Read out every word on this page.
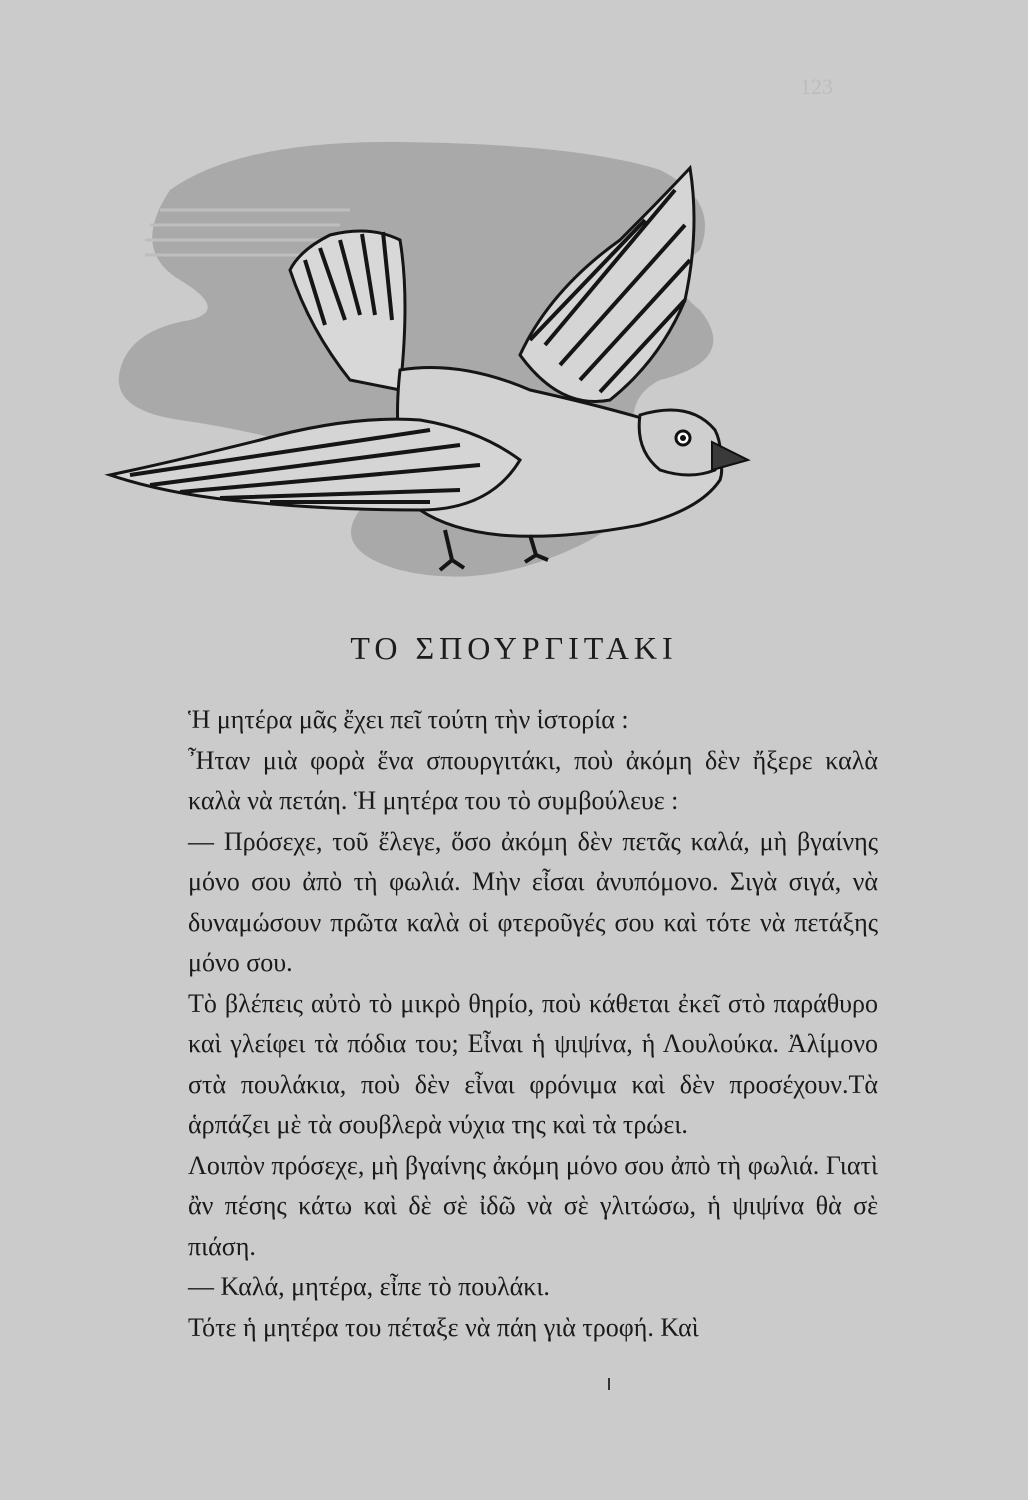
123
ΤΟ ΣΠΟΥΡΓΙΤΑΚΙ

Ἡ μητέρα μᾶς ἔχει πεῖ τούτη τὴν ἱστορία :

Ἦταν μιὰ φορὰ ἕνα σπουργιτάκι, ποὺ ἀκόμη δὲν ἤξερε καλὰ καλὰ νὰ πετάη. Ἡ μητέρα του τὸ συμβούλευε :

— Πρόσεχε, τοῦ ἔλεγε, ὅσο ἀκόμη δὲν πετᾶς καλά, μὴ βγαίνης μόνο σου ἀπὸ τὴ φωλιά. Μὴν εἶσαι ἀνυπόμονο. Σιγὰ σιγά, νὰ δυναμώσουν πρῶτα καλὰ οἱ φτεροῦγές σου καὶ τότε νὰ πετάξης μόνο σου.

Τὸ βλέπεις αὐτὸ τὸ μικρὸ θηρίο, ποὺ κάθεται ἐκεῖ στὸ παράθυρο καὶ γλείφει τὰ πόδια του; Εἶναι ἡ ψιψίνα, ἡ Λουλούκα. Ἀλίμονο στὰ πουλάκια, ποὺ δὲν εἶναι φρόνιμα καὶ δὲν προσέχουν.Τὰ ἁρπάζει μὲ τὰ σουβλερὰ νύχια της καὶ τὰ τρώει.

Λοιπὸν πρόσεχε, μὴ βγαίνης ἀκόμη μόνο σου ἀπὸ τὴ φωλιά. Γιατὶ ἂν πέσης κάτω καὶ δὲ σὲ ἰδῶ νὰ σὲ γλιτώσω, ἡ ψιψίνα θὰ σὲ πιάση.

— Καλά, μητέρα, εἶπε τὸ πουλάκι.

Τότε ἡ μητέρα του πέταξε νὰ πάη γιὰ τροφή. Καὶ
